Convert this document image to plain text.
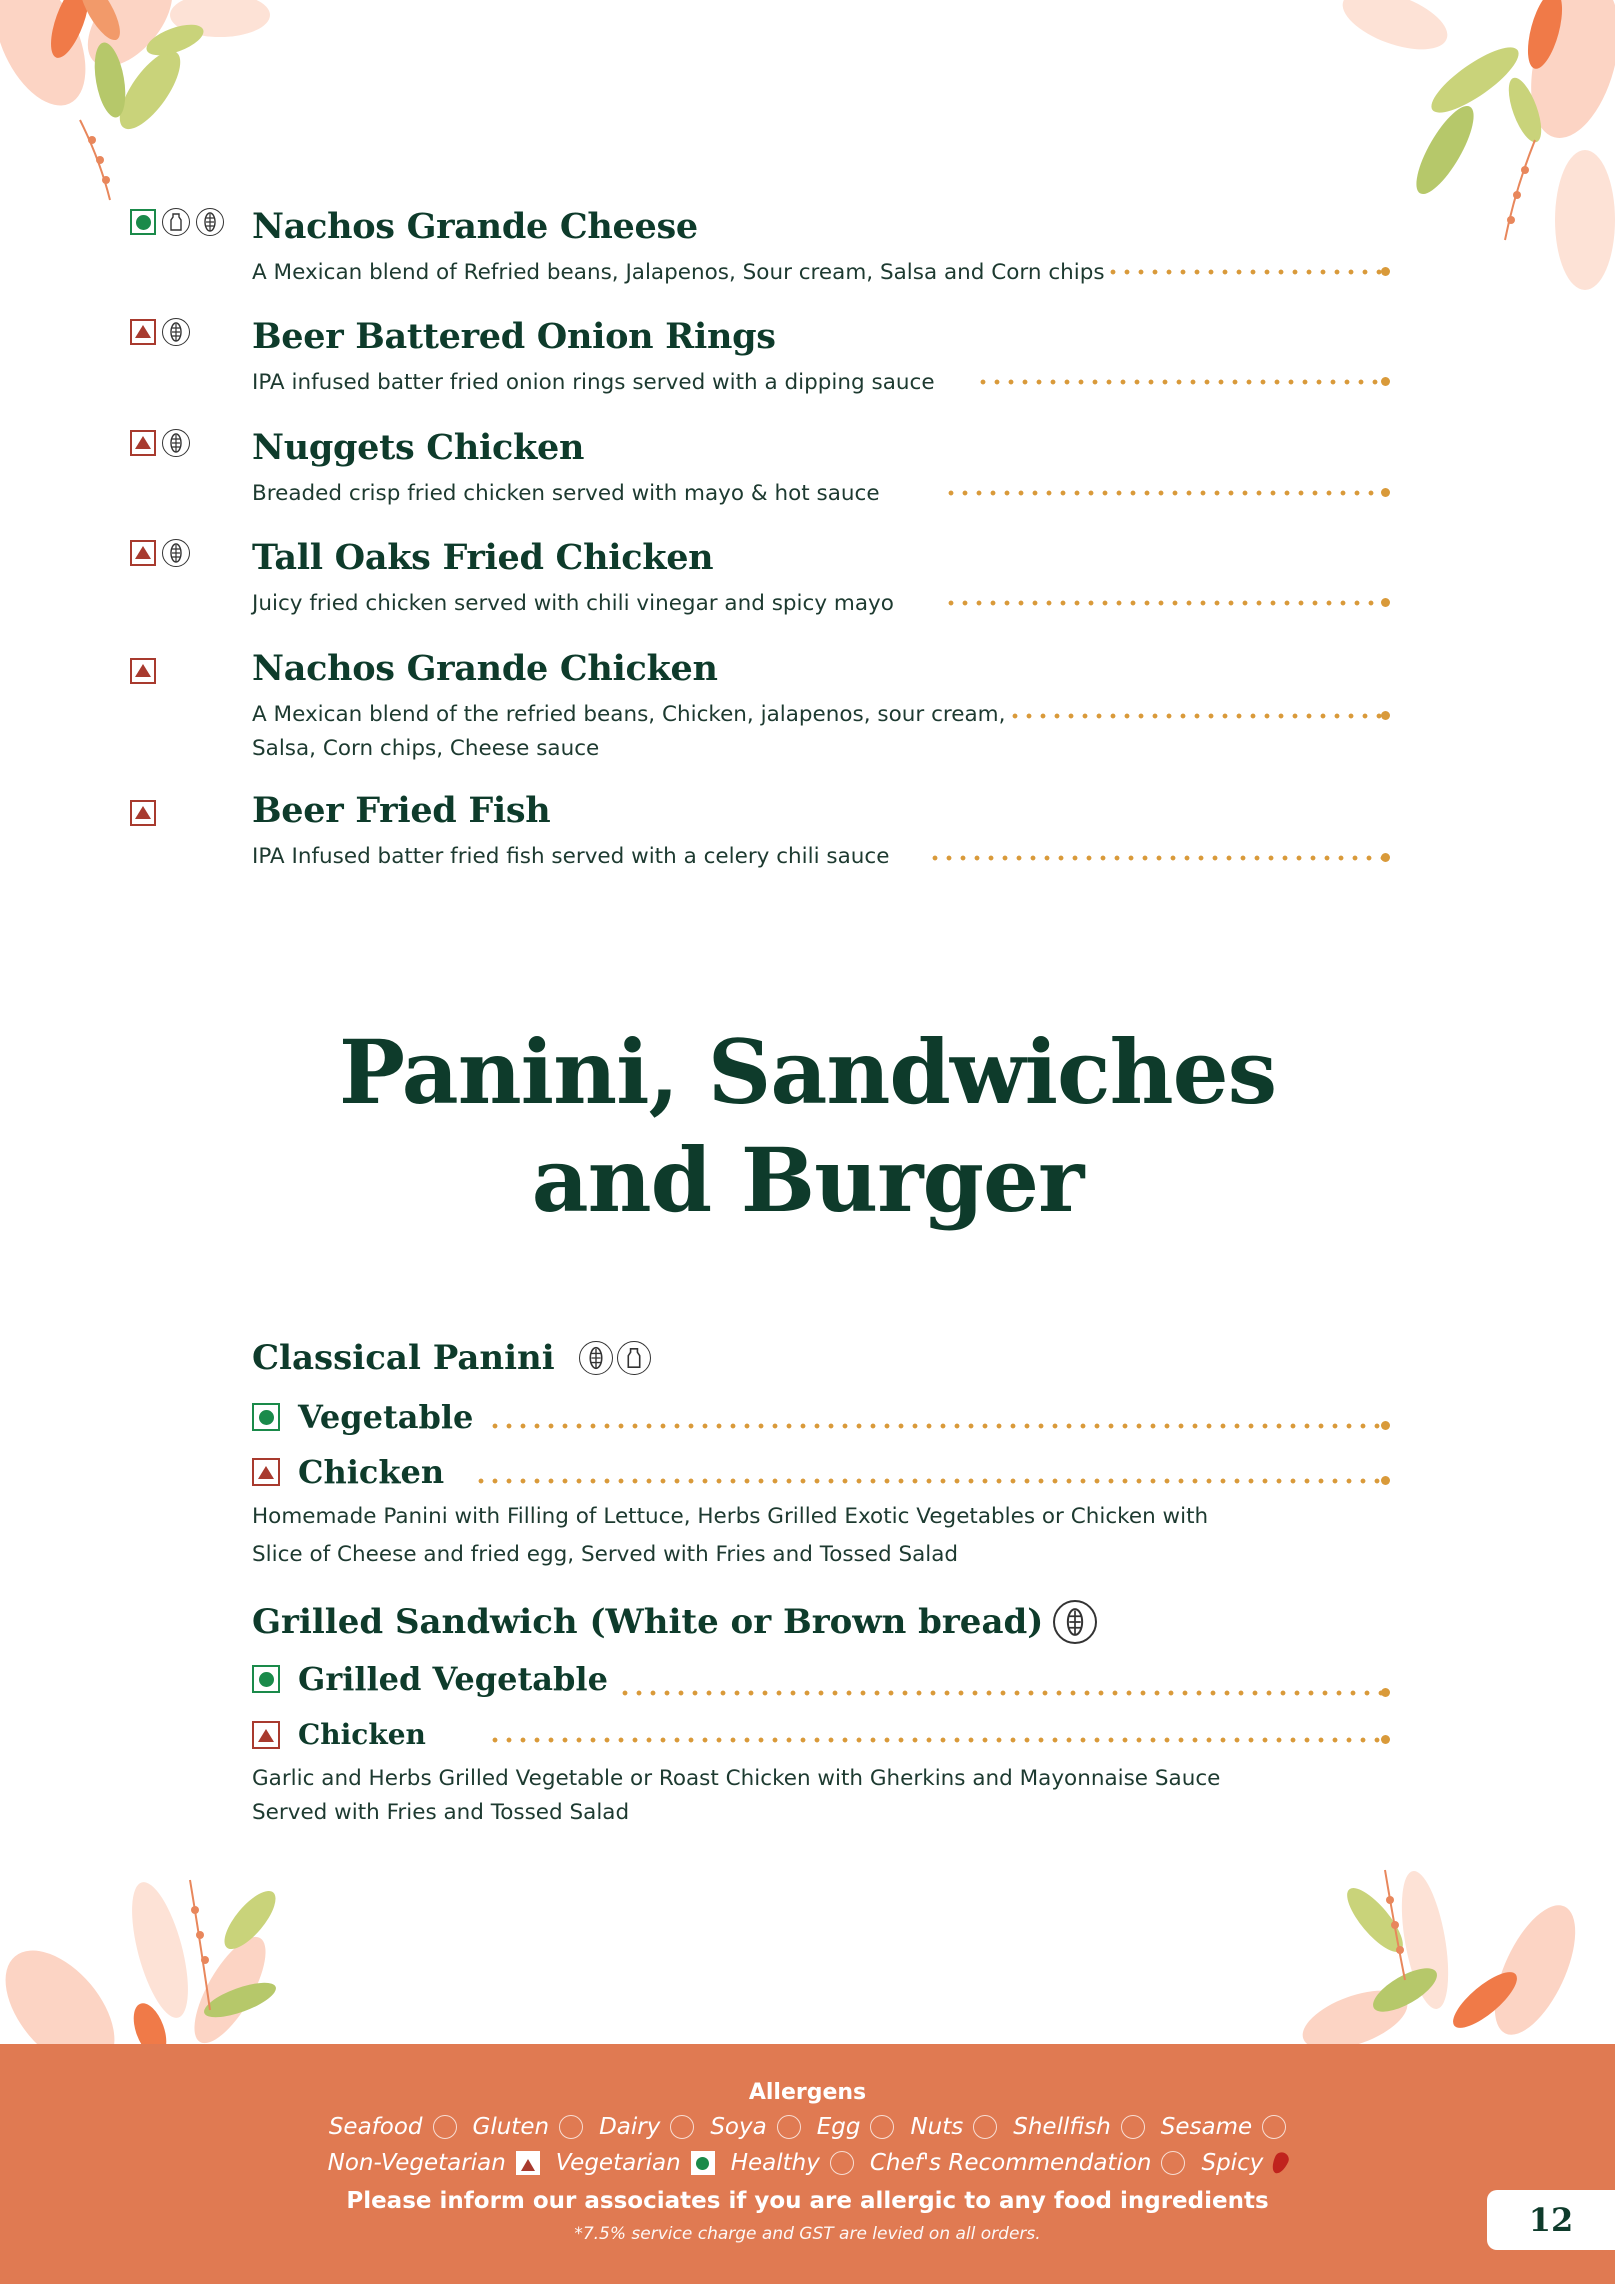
Nachos Grande Cheese
A Mexican blend of Refried beans, Jalapenos, Sour cream, Salsa and Corn chips
Beer Battered Onion Rings
IPA infused batter fried onion rings served with a dipping sauce
Nuggets Chicken
Breaded crisp fried chicken served with mayo & hot sauce
Tall Oaks Fried Chicken
Juicy fried chicken served with chili vinegar and spicy mayo
Nachos Grande Chicken
A Mexican blend of the refried beans, Chicken, jalapenos, sour cream, Salsa, Corn chips, Cheese sauce
Beer Fried Fish
IPA Infused batter fried fish served with a celery chili sauce
Panini, Sandwiches
and Burger
Classical Panini
Vegetable
Chicken
Homemade Panini with Filling of Lettuce, Herbs Grilled Exotic Vegetables or Chicken with
Slice of Cheese and fried egg, Served with Fries and Tossed Salad
Grilled Sandwich (White or Brown bread)
Grilled Vegetable
Chicken
Garlic and Herbs Grilled Vegetable or Roast Chicken with Gherkins and Mayonnaise Sauce
Served with Fries and Tossed Salad
Allergens
Seafood Gluten Dairy Soya Egg Nuts Shellfish Sesame
Non-Vegetarian Vegetarian Healthy Chef's Recommendation Spicy
Please inform our associates if you are allergic to any food ingredients
*7.5% service charge and GST are levied on all orders.	12
